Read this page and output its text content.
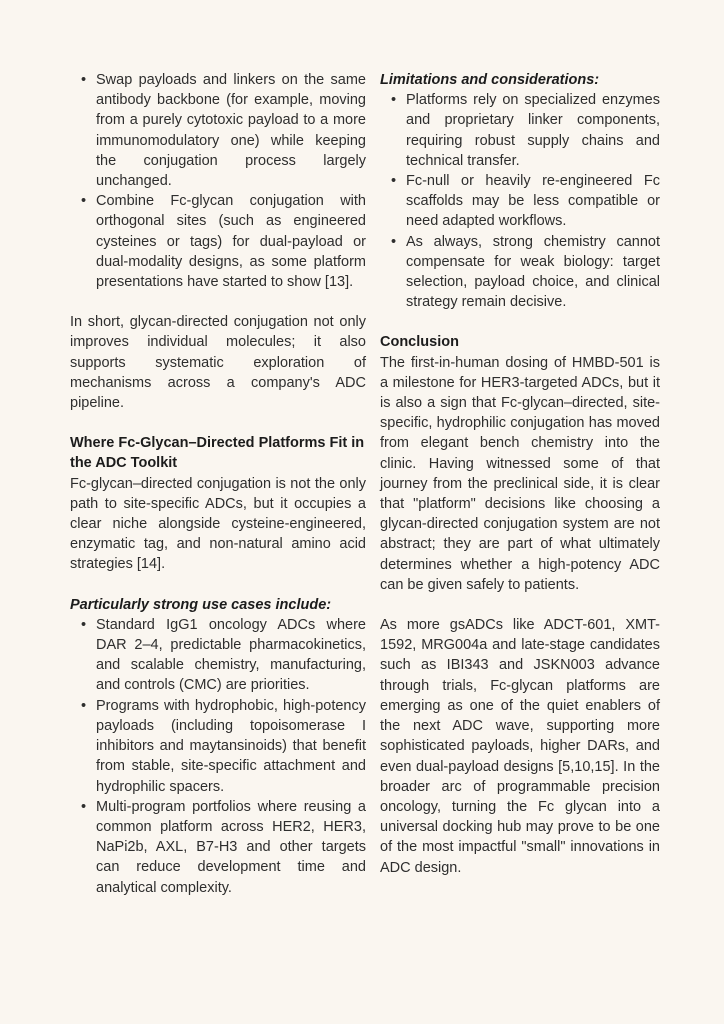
• Swap payloads and linkers on the same antibody backbone (for example, moving from a purely cytotoxic payload to a more immunomodulatory one) while keeping the conjugation process largely unchanged.
• Combine Fc-glycan conjugation with orthogonal sites (such as engineered cysteines or tags) for dual-payload or dual-modality designs, as some platform presentations have started to show [13].

In short, glycan-directed conjugation not only improves individual molecules; it also supports systematic exploration of mechanisms across a company's ADC pipeline.

Where Fc-Glycan–Directed Platforms Fit in the ADC Toolkit

Fc-glycan–directed conjugation is not the only path to site-specific ADCs, but it occupies a clear niche alongside cysteine-engineered, enzymatic tag, and non-natural amino acid strategies [14].

Particularly strong use cases include:
• Standard IgG1 oncology ADCs where DAR 2–4, predictable pharmacokinetics, and scalable chemistry, manufacturing, and controls (CMC) are priorities.
• Programs with hydrophobic, high-potency payloads (including topoisomerase I inhibitors and maytansinoids) that benefit from stable, site-specific attachment and hydrophilic spacers.
• Multi-program portfolios where reusing a common platform across HER2, HER3, NaPi2b, AXL, B7-H3 and other targets can reduce development time and analytical complexity.
Limitations and considerations:
• Platforms rely on specialized enzymes and proprietary linker components, requiring robust supply chains and technical transfer.
• Fc-null or heavily re-engineered Fc scaffolds may be less compatible or need adapted workflows.
• As always, strong chemistry cannot compensate for weak biology: target selection, payload choice, and clinical strategy remain decisive.
Conclusion

The first-in-human dosing of HMBD-501 is a milestone for HER3-targeted ADCs, but it is also a sign that Fc-glycan–directed, site-specific, hydrophilic conjugation has moved from elegant bench chemistry into the clinic. Having witnessed some of that journey from the preclinical side, it is clear that "platform" decisions like choosing a glycan-directed conjugation system are not abstract; they are part of what ultimately determines whether a high-potency ADC can be given safely to patients.

As more gsADCs like ADCT-601, XMT-1592, MRG004a and late-stage candidates such as IBI343 and JSKN003 advance through trials, Fc-glycan platforms are emerging as one of the quiet enablers of the next ADC wave, supporting more sophisticated payloads, higher DARs, and even dual-payload designs [5,10,15]. In the broader arc of programmable precision oncology, turning the Fc glycan into a universal docking hub may prove to be one of the most impactful "small" innovations in ADC design.
